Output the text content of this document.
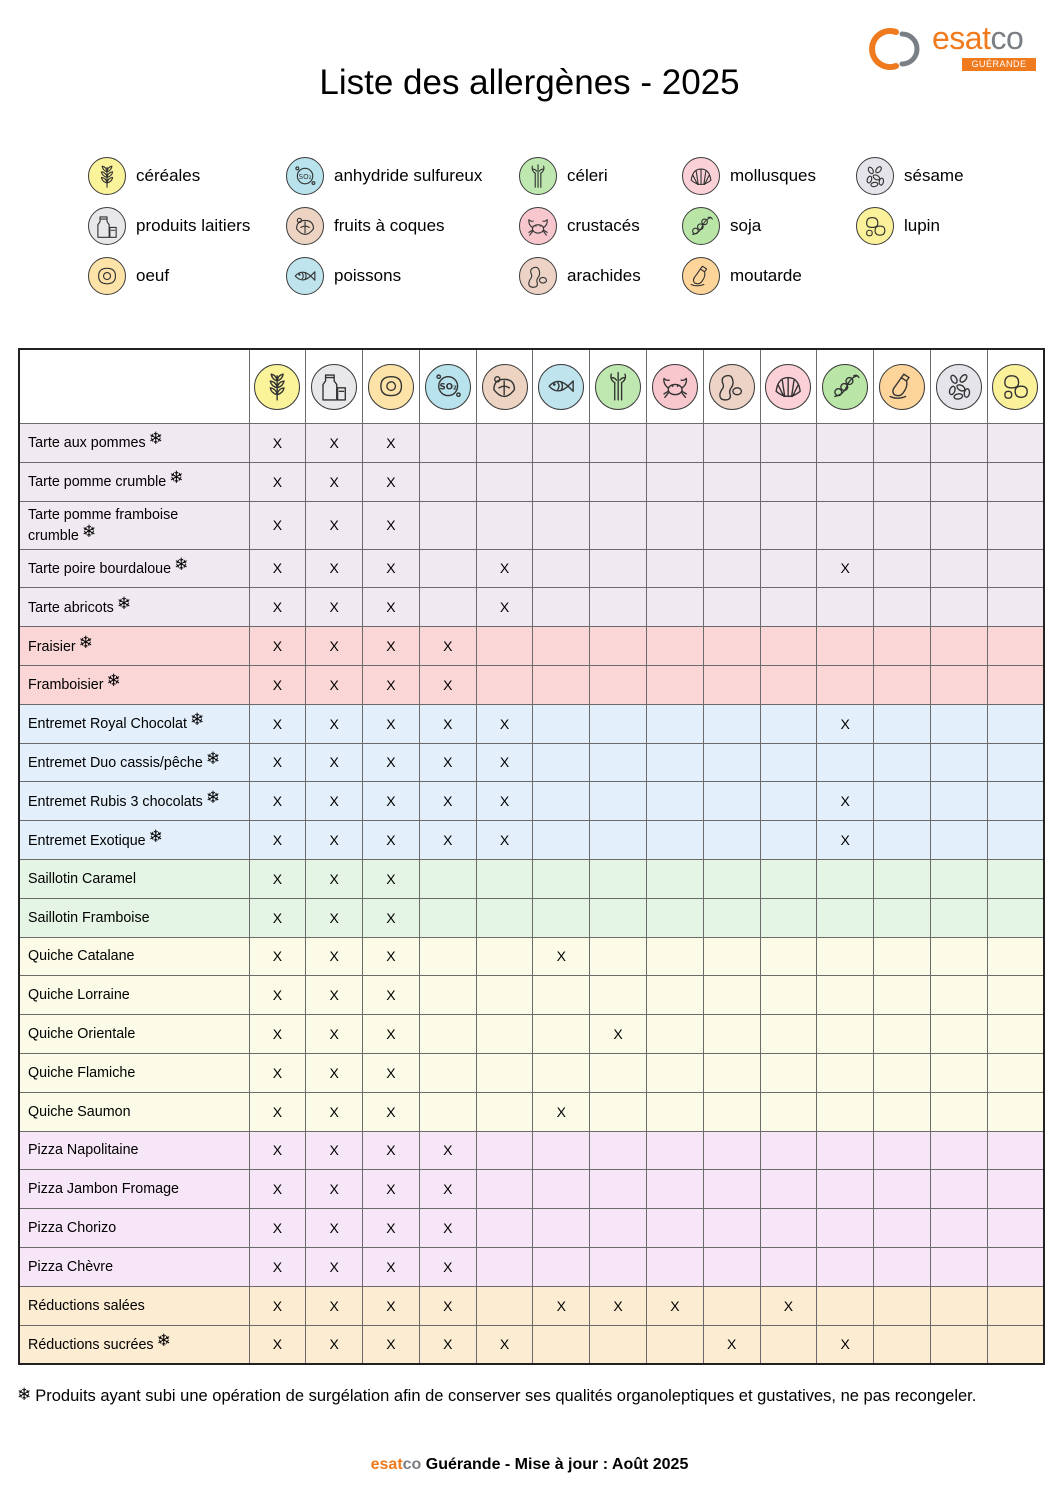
esatco
GUÉRANDE
Liste des allergènes - 2025
céréales
produits laitiers
oeuf
SO₂ anhydride sulfureux
fruits à coques
poissons
céleri
crustacés
arachides
mollusques
soja
moutarde
sésame
lupin

SO₂

Tarte aux pommes ❄	X	X	X											
Tarte pomme crumble ❄	X	X	X											
Tarte pomme framboise crumble ❄	X	X	X											
Tarte poire bourdaloue ❄	X	X	X		X						X			
Tarte abricots ❄	X	X	X		X									
Fraisier ❄	X	X	X	X										
Framboisier ❄	X	X	X	X										
Entremet Royal Chocolat ❄	X	X	X	X	X						X			
Entremet Duo cassis/pêche ❄	X	X	X	X	X									
Entremet Rubis 3 chocolats ❄	X	X	X	X	X						X			
Entremet Exotique ❄	X	X	X	X	X						X			
Saillotin Caramel	X	X	X											
Saillotin Framboise	X	X	X											
Quiche Catalane	X	X	X			X								
Quiche Lorraine	X	X	X											
Quiche Orientale	X	X	X				X							
Quiche Flamiche	X	X	X											
Quiche Saumon	X	X	X			X								
Pizza Napolitaine	X	X	X	X										
Pizza Jambon Fromage	X	X	X	X										
Pizza Chorizo	X	X	X	X										
Pizza Chèvre	X	X	X	X										
Réductions salées	X	X	X	X		X	X	X		X				
Réductions sucrées ❄	X	X	X	X	X				X		X			
❄ Produits ayant subi une opération de surgélation afin de conserver ses qualités organoleptiques et gustatives, ne pas recongeler.
esatco Guérande - Mise à jour : Août 2025
